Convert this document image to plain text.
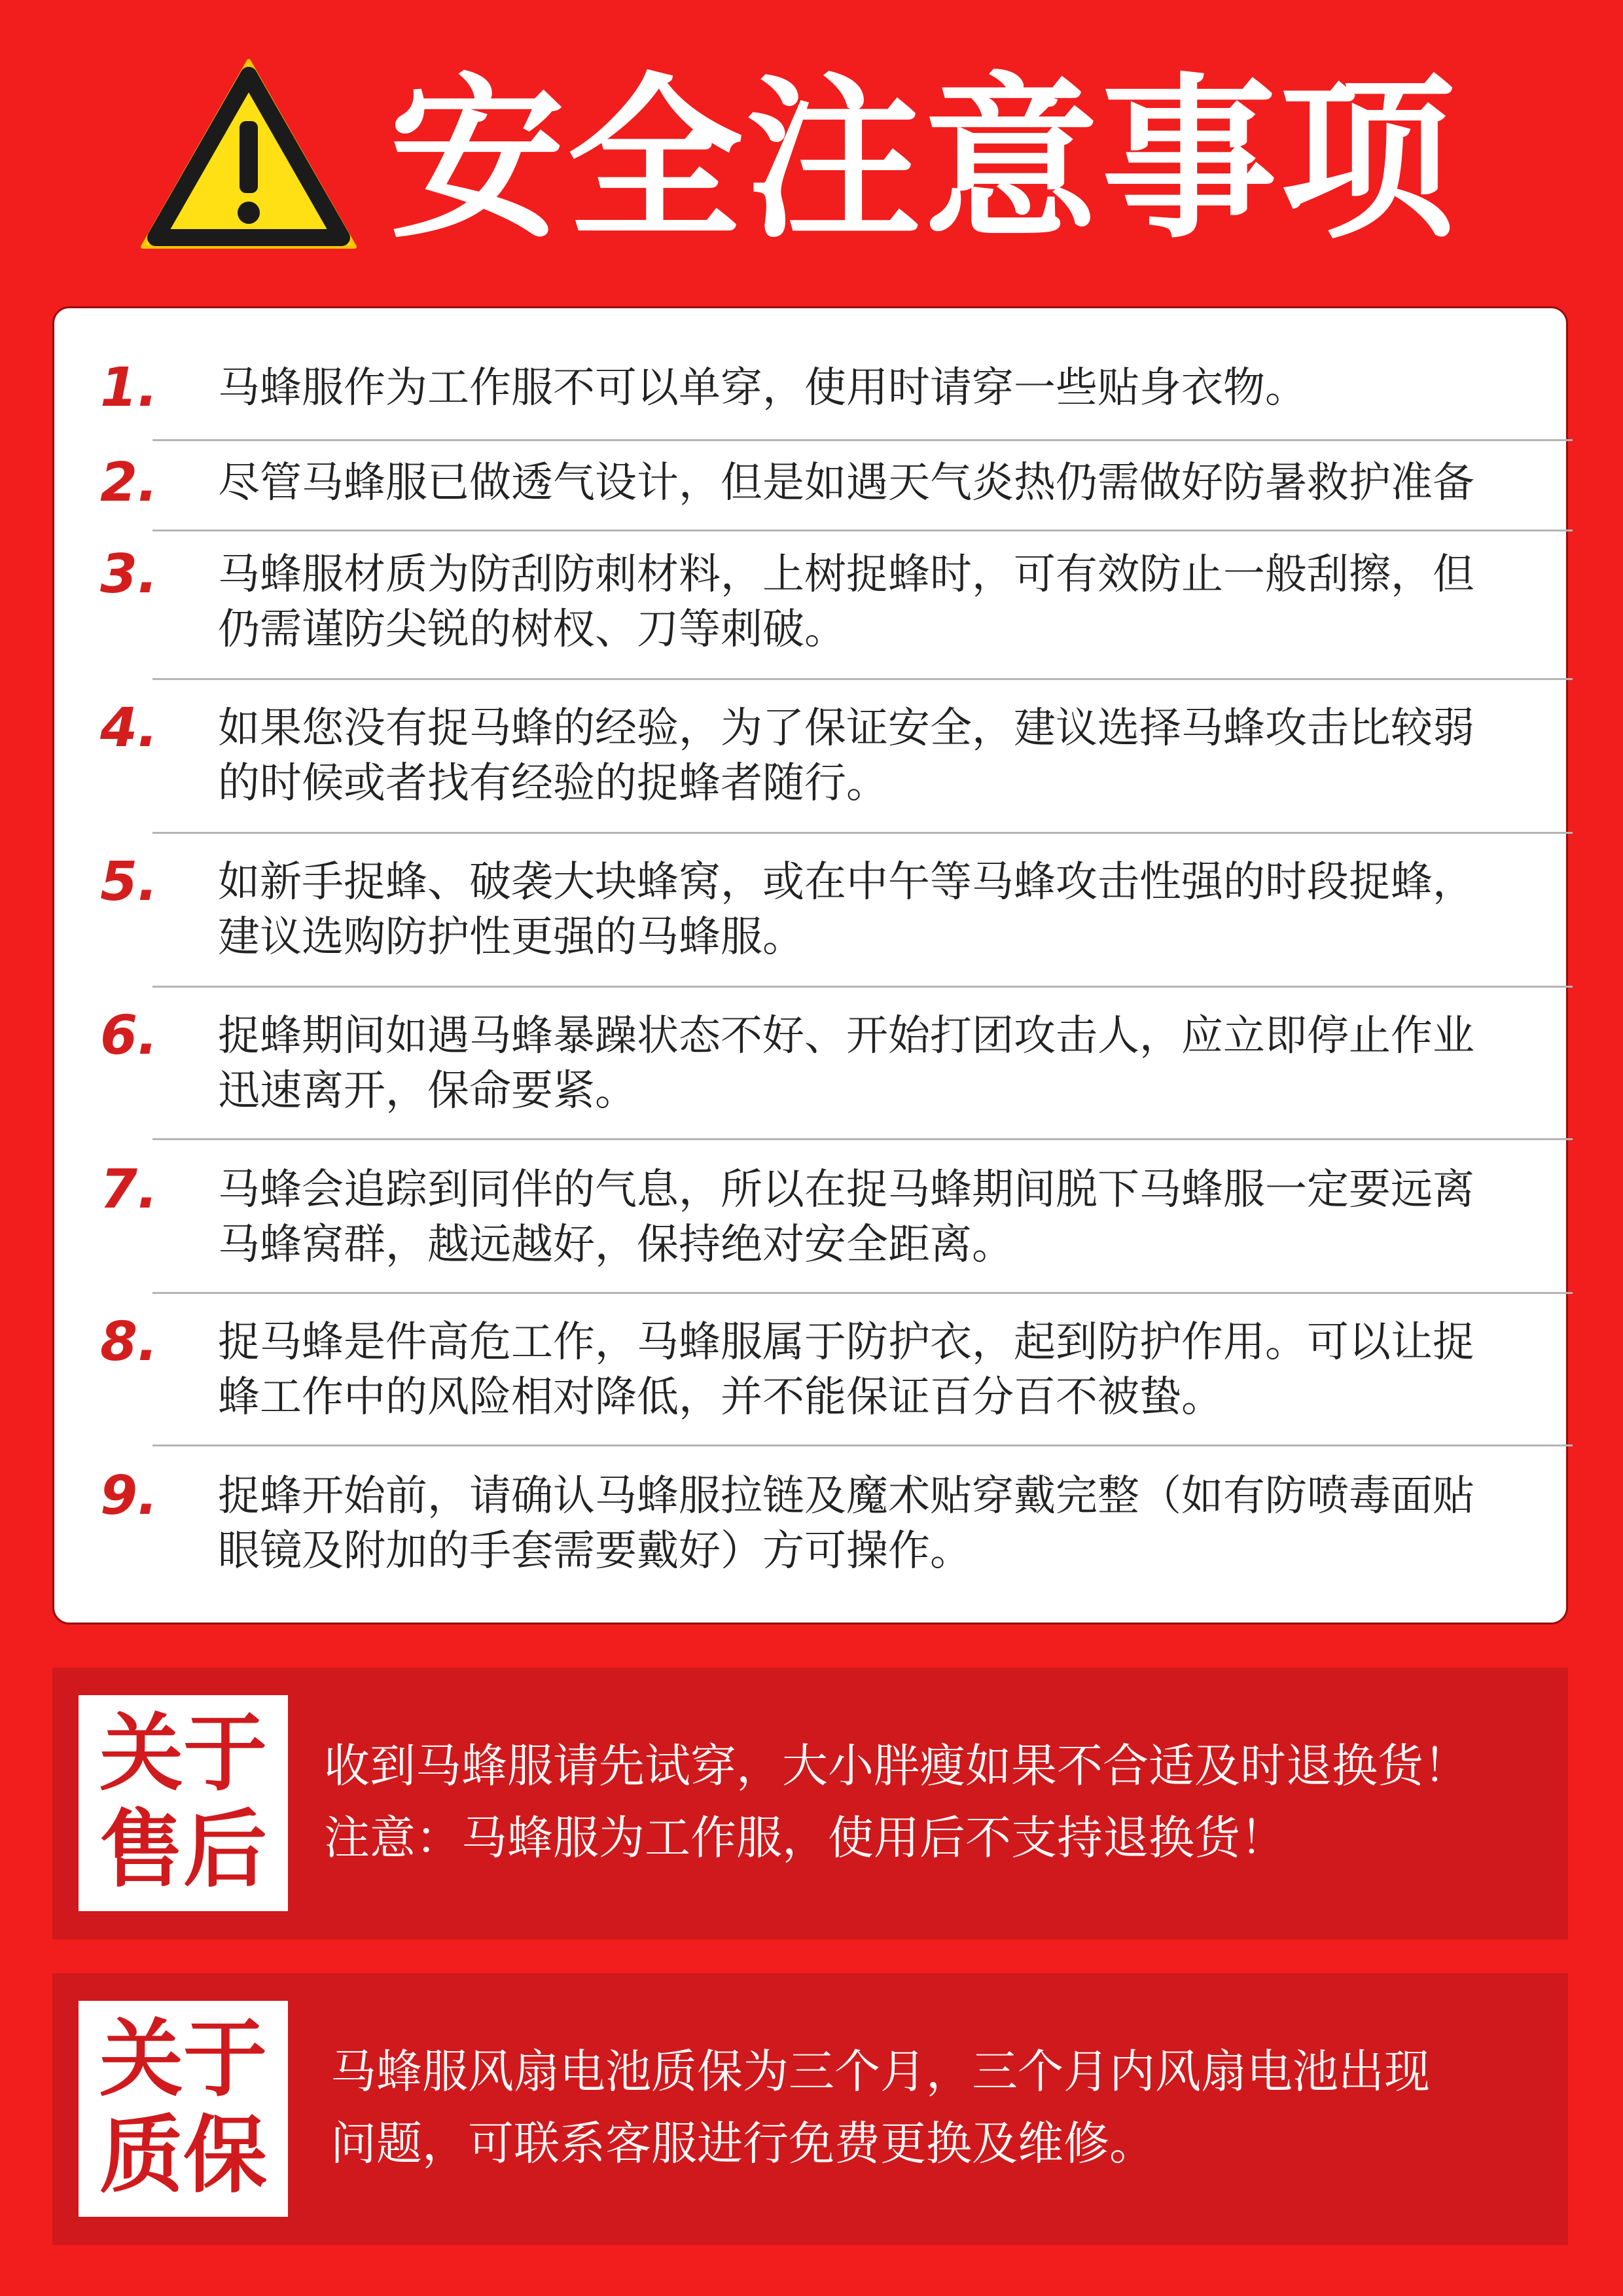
安全注意事项
1.	马蜂服作为工作服不可以单穿，使用时请穿一些贴身衣物。
2.	尽管马蜂服已做透气设计，但是如遇天气炎热仍需做好防暑救护准备
3.	马蜂服材质为防刮防刺材料，上树捉蜂时，可有效防止一般刮擦，但
仍需谨防尖锐的树杈、刀等刺破。
4.	如果您没有捉马蜂的经验，为了保证安全，建议选择马蜂攻击比较弱
的时候或者找有经验的捉蜂者随行。
5.	如新手捉蜂、破袭大块蜂窝，或在中午等马蜂攻击性强的时段捉蜂，
建议选购防护性更强的马蜂服。
6.	捉蜂期间如遇马蜂暴躁状态不好、开始打团攻击人，应立即停止作业
迅速离开，保命要紧。
7.	马蜂会追踪到同伴的气息，所以在捉马蜂期间脱下马蜂服一定要远离
马蜂窝群，越远越好，保持绝对安全距离。
8.	捉马蜂是件高危工作，马蜂服属于防护衣，起到防护作用。可以让捉
蜂工作中的风险相对降低，并不能保证百分百不被蛰。
9.	捉蜂开始前，请确认马蜂服拉链及魔术贴穿戴完整（如有防喷毒面贴
眼镜及附加的手套需要戴好）方可操作。
关于
售后
收到马蜂服请先试穿，大小胖瘦如果不合适及时退换货！
注意：马蜂服为工作服，使用后不支持退换货！
关于
质保
马蜂服风扇电池质保为三个月，三个月内风扇电池出现
问题，可联系客服进行免费更换及维修。
